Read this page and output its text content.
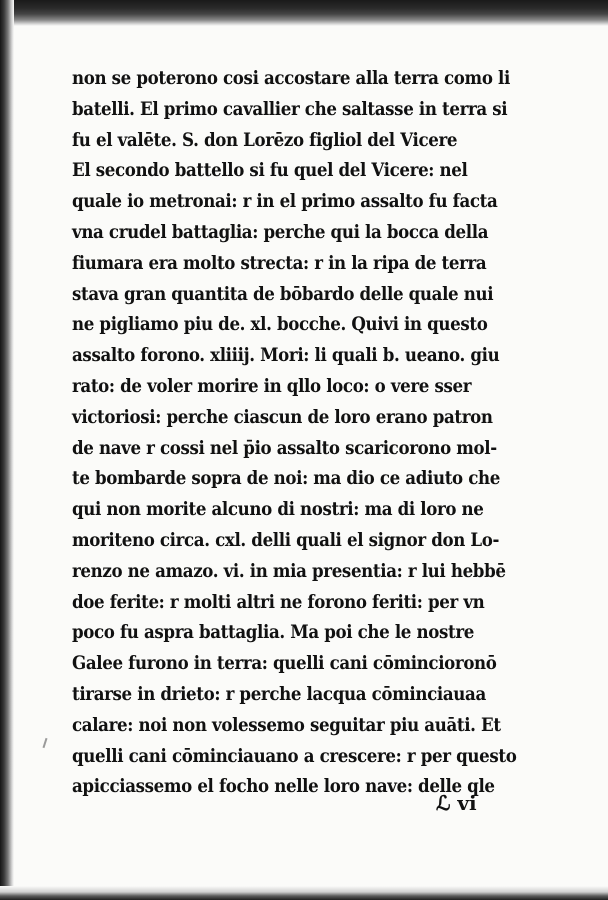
non se poterono cosi accostare alla terra como li
batelli. El primo cavallier che saltasse in terra si
fu el valēte. S. don Lorēzo figliol del Vicere
El secondo battello si fu quel del Vicere: nel
quale io metronai: r in el primo assalto fu facta
vna crudel battaglia: perche qui la bocca della
fiumara era molto strecta: r in la ripa de terra
stava gran quantita de bōbardo delle quale nui
ne pigliamo piu de. xl. bocche. Quivi in questo
assalto forono. xliiij. Mori: li quali b. ueano. giu
rato: de voler morire in qllo loco: o vere sser
victoriosi: perche ciascun de loro erano patron
de nave r cossi nel p̄io assalto scaricorono mol-
te bombarde sopra de noi: ma dio ce adiuto che
qui non morite alcuno di nostri: ma di loro ne
moriteno circa. cxl. delli quali el signor don Lo-
renzo ne amazo. vi. in mia presentia: r lui hebbē
doe ferite: r molti altri ne forono feriti: per vn
poco fu aspra battaglia. Ma poi che le nostre
Galee furono in terra: quelli cani cōmincioronō
tirarse in drieto: r perche lacqua cōminciauaa
calare: noi non volessemo seguitar piu auāti. Et
quelli cani cōminciauano a crescere: r per questo
apicciassemo el focho nelle loro nave: delle qle
ℒ vi
